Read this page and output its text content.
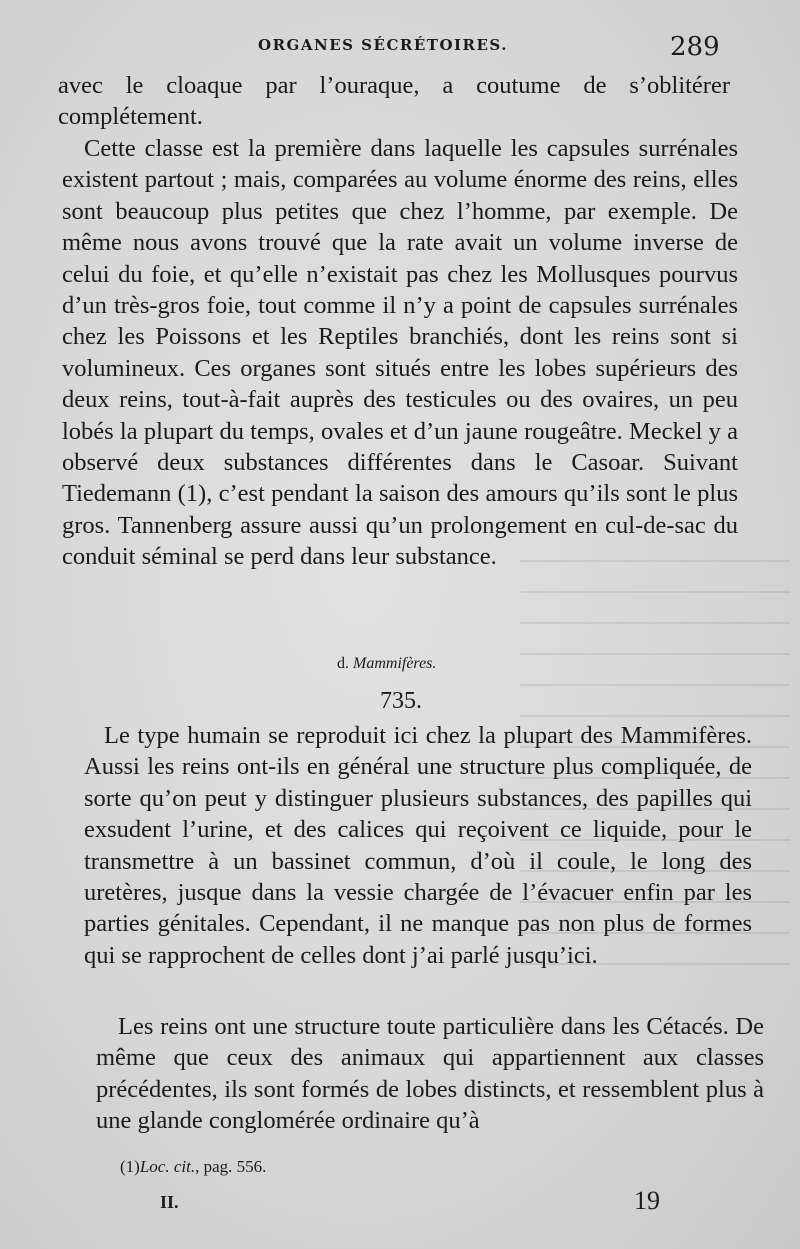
ORGANES SÉCRÉTOIRES.	289

avec le cloaque par l’ouraque, a coutume de s’oblitérer complétement.

Cette classe est la première dans laquelle les capsules surrénales existent partout ; mais, comparées au volume énorme des reins, elles sont beaucoup plus petites que chez l’homme, par exemple. De même nous avons trouvé que la rate avait un volume inverse de celui du foie, et qu’elle n’existait pas chez les Mollusques pourvus d’un très-gros foie, tout comme il n’y a point de capsules surrénales chez les Poissons et les Reptiles branchiés, dont les reins sont si volumineux. Ces organes sont situés entre les lobes supérieurs des deux reins, tout-à-fait auprès des testicules ou des ovaires, un peu lobés la plupart du temps, ovales et d’un jaune rougeâtre. Meckel y a observé deux substances différentes dans le Casoar. Suivant Tiedemann (1), c’est pendant la saison des amours qu’ils sont le plus gros. Tannenberg assure aussi qu’un prolongement en cul-de-sac du conduit séminal se perd dans leur substance.

d. Mammifères.
735.

Le type humain se reproduit ici chez la plupart des Mammifères. Aussi les reins ont-ils en général une structure plus compliquée, de sorte qu’on peut y distinguer plusieurs substances, des papilles qui exsudent l’urine, et des calices qui reçoivent ce liquide, pour le transmettre à un bassinet commun, d’où il coule, le long des uretères, jusque dans la vessie chargée de l’évacuer enfin par les parties génitales. Cependant, il ne manque pas non plus de formes qui se rapprochent de celles dont j’ai parlé jusqu’ici.

Les reins ont une structure toute particulière dans les Cétacés. De même que ceux des animaux qui appartiennent aux classes précédentes, ils sont formés de lobes distincts, et ressemblent plus à une glande conglomérée ordinaire qu’à

(1)Loc. cit., pag. 556.
II.	19
